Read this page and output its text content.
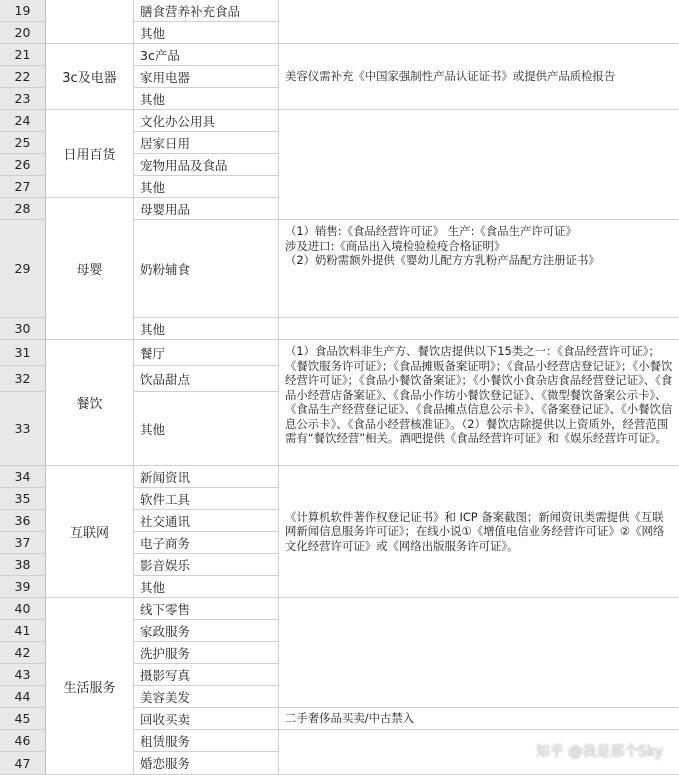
19
20
21
22
23
24
25
26
27
28
29
30
31
32
33
34
35
36
37
38
39
40
41
42
43
44
45
46
47
3c及电器
日用百货
母婴
餐饮
互联网
生活服务
膳食营养补充食品
其他
3c产品
家用电器
其他
文化办公用具
居家日用
宠物用品及食品
其他
母婴用品
奶粉辅食
其他
餐厅
饮品甜点
其他
新闻资讯
软件工具
社交通讯
电子商务
影音娱乐
其他
线下零售
家政服务
洗护服务
摄影写真
美容美发
回收买卖
租赁服务
婚恋服务
美容仪需补充《中国家强制性产品认证证书》或提供产品质检报告
（1）销售:《食品经营许可证》 生产:《食品生产许可证》
涉及进口:《商品出入境检验检疫合格证明》
（2）奶粉需额外提供《婴幼儿配方方乳粉产品配方注册证书》
（1）食品饮料非生产方、餐饮店提供以下15类之一：《食品经营许可证》；《餐饮服务许可证》；《食品摊贩备案证明》；《食品小经营店登记证》；《小餐饮经营许可证》；《食品小餐饮备案证》；《小餐饮小食杂店食品经营登记证》、《食品小经营店备案证》、《食品小作坊小餐饮登记证》、《微型餐饮备案公示卡》、《食品生产经营登记证》、《食品摊点信息公示卡》、《备案登记证》、《小餐饮信息公示卡》、《食品小经营核准证》。（2）餐饮店除提供以上资质外，经营范围需有“餐饮经营”相关。酒吧提供《食品经营许可证》和《娱乐经营许可证》。
《计算机软件著作权登记证书》和 ICP 备案截图；新闻资讯类需提供《互联网新闻信息服务许可证》；在线小说①《增值电信业务经营许可证》②《网络文化经营许可证》或《网络出版服务许可证》。
二手奢侈品买卖/中古禁入
知乎 @我是那个Sky
